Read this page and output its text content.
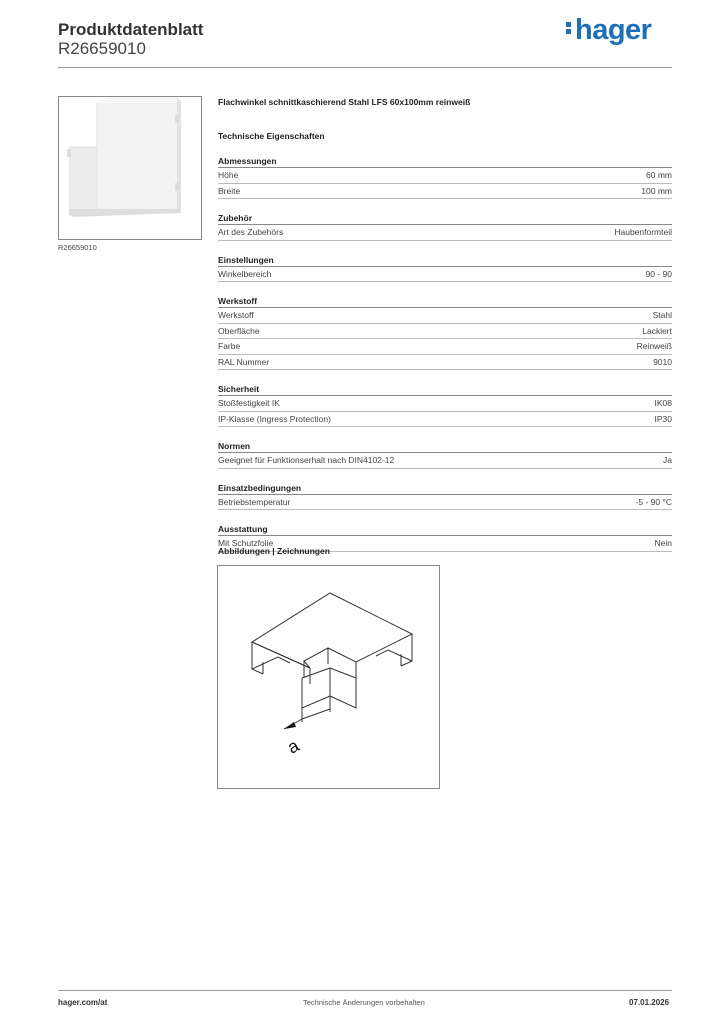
Produktdatenblatt
R26659010
hager
R26659010
Flachwinkel schnittkaschierend Stahl LFS 60x100mm reinweiß
Technische Eigenschaften
Abmessungen
Höhe	60 mm
Breite	100 mm
Zubehör
Art des Zubehörs	Haubenformteil
Einstellungen
Winkelbereich	90 - 90
Werkstoff
Werkstoff	Stahl
Oberfläche	Lackiert
Farbe	Reinweiß
RAL Nummer	9010
Sicherheit
Stoßfestigkeit IK	IK08
IP-Klasse (Ingress Protection)	IP30
Normen
Geeignet für Funktionserhalt nach DIN4102-12	Ja
Einsatzbedingungen
Betriebstemperatur	-5 - 90 °C
Ausstattung
Mit Schutzfolie	Nein
Abbildungen | Zeichnungen
a
hager.com/at	Technische Änderungen vorbehalten	07.01.2026
